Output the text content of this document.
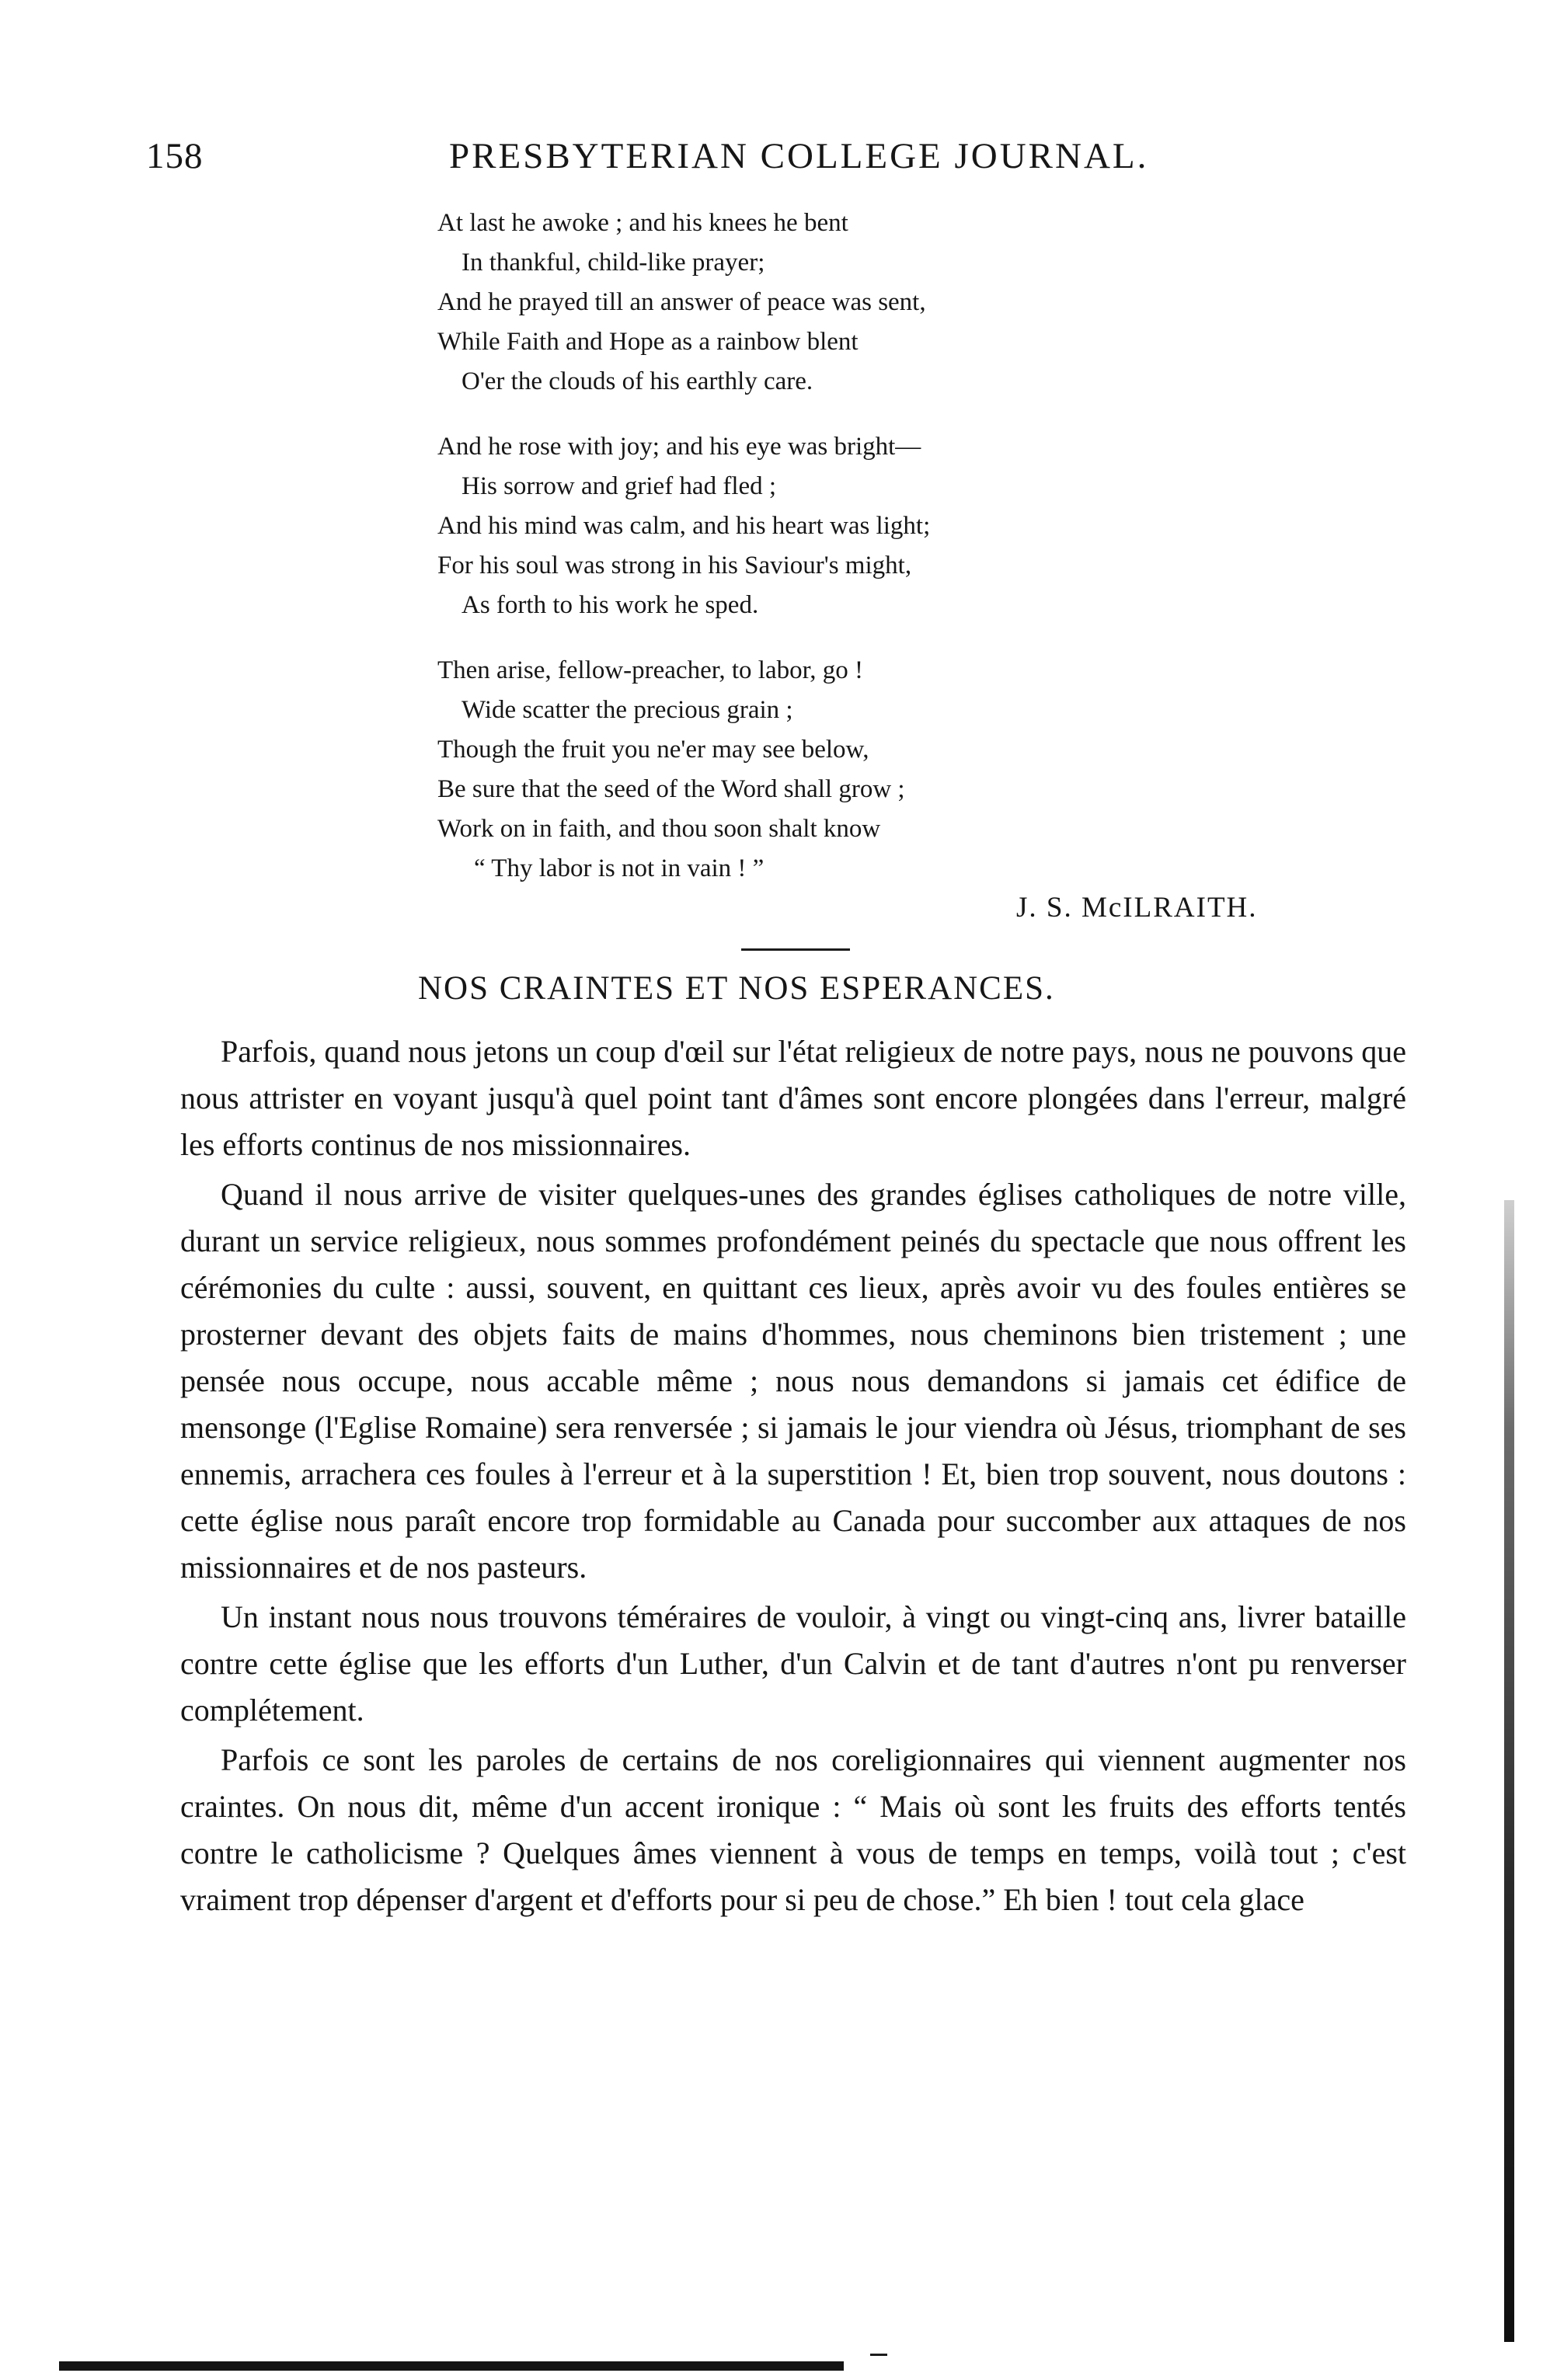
158	PRESBYTERIAN COLLEGE JOURNAL.
At last he awoke ; and his knees he bent
In thankful, child-like prayer;
And he prayed till an answer of peace was sent,
While Faith and Hope as a rainbow blent
O'er the clouds of his earthly care.
And he rose with joy; and his eye was bright—
His sorrow and grief had fled ;
And his mind was calm, and his heart was light;
For his soul was strong in his Saviour's might,
As forth to his work he sped.
Then arise, fellow-preacher, to labor, go !
Wide scatter the precious grain ;
Though the fruit you ne'er may see below,
Be sure that the seed of the Word shall grow ;
Work on in faith, and thou soon shalt know
“ Thy labor is not in vain ! ”
J. S. McILRAITH.
NOS CRAINTES ET NOS ESPERANCES.

Parfois, quand nous jetons un coup d'œil sur l'état religieux de notre pays, nous ne pouvons que nous attrister en voyant jusqu'à quel point tant d'âmes sont encore plongées dans l'erreur, malgré les efforts continus de nos missionnaires.

Quand il nous arrive de visiter quelques-unes des grandes églises catholiques de notre ville, durant un service religieux, nous sommes profondément peinés du spectacle que nous offrent les cérémonies du culte : aussi, souvent, en quittant ces lieux, après avoir vu des foules entières se prosterner devant des objets faits de mains d'hommes, nous cheminons bien tristement ; une pensée nous occupe, nous accable même ; nous nous demandons si jamais cet édifice de mensonge (l'Eglise Romaine) sera renversée ; si jamais le jour viendra où Jésus, triomphant de ses ennemis, arrachera ces foules à l'erreur et à la superstition ! Et, bien trop souvent, nous doutons : cette église nous paraît encore trop formidable au Canada pour succomber aux attaques de nos missionnaires et de nos pasteurs.

Un instant nous nous trouvons téméraires de vouloir, à vingt ou vingt-cinq ans, livrer bataille contre cette église que les efforts d'un Luther, d'un Calvin et de tant d'autres n'ont pu renverser complétement.

Parfois ce sont les paroles de certains de nos coreligionnaires qui viennent augmenter nos craintes. On nous dit, même d'un accent ironique : “ Mais où sont les fruits des efforts tentés contre le catholicisme ? Quelques âmes viennent à vous de temps en temps, voilà tout ; c'est vraiment trop dépenser d'argent et d'efforts pour si peu de chose.” Eh bien ! tout cela glace
